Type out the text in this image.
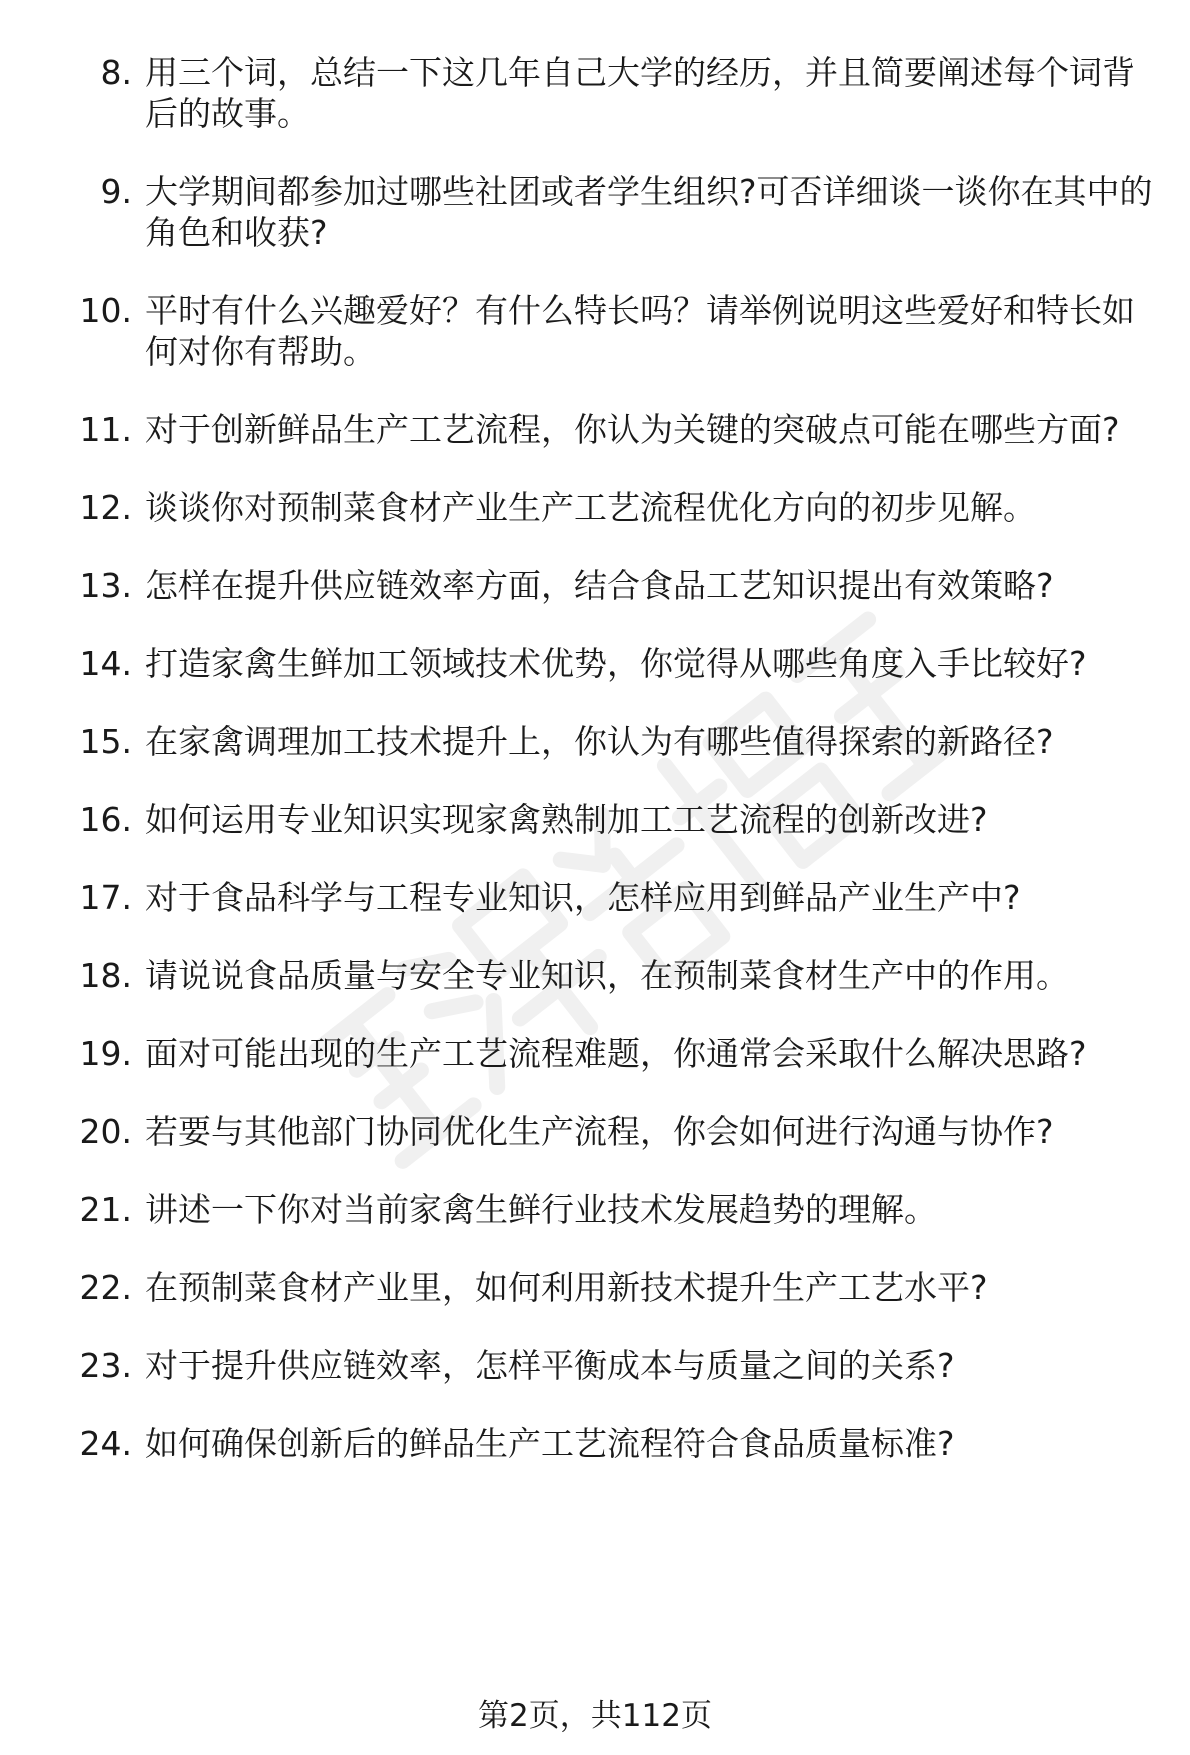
8. 用三个词，总结一下这几年自己大学的经历，并且简要阐述每个词背后的故事。
9. 大学期间都参加过哪些社团或者学生组织?可否详细谈一谈你在其中的角色和收获?
10. 平时有什么兴趣爱好？有什么特长吗？请举例说明这些爱好和特长如何对你有帮助。
11. 对于创新鲜品生产工艺流程，你认为关键的突破点可能在哪些方面?
12. 谈谈你对预制菜食材产业生产工艺流程优化方向的初步见解。
13. 怎样在提升供应链效率方面，结合食品工艺知识提出有效策略?
14. 打造家禽生鲜加工领域技术优势，你觉得从哪些角度入手比较好?
15. 在家禽调理加工技术提升上，你认为有哪些值得探索的新路径?
16. 如何运用专业知识实现家禽熟制加工工艺流程的创新改进?
17. 对于食品科学与工程专业知识，怎样应用到鲜品产业生产中?
18. 请说说食品质量与安全专业知识，在预制菜食材生产中的作用。
19. 面对可能出现的生产工艺流程难题，你通常会采取什么解决思路?
20. 若要与其他部门协同优化生产流程，你会如何进行沟通与协作?
21. 讲述一下你对当前家禽生鲜行业技术发展趋势的理解。
22. 在预制菜食材产业里，如何利用新技术提升生产工艺水平?
23. 对于提升供应链效率，怎样平衡成本与质量之间的关系?
24. 如何确保创新后的鲜品生产工艺流程符合食品质量标准?
第2页，共112页
